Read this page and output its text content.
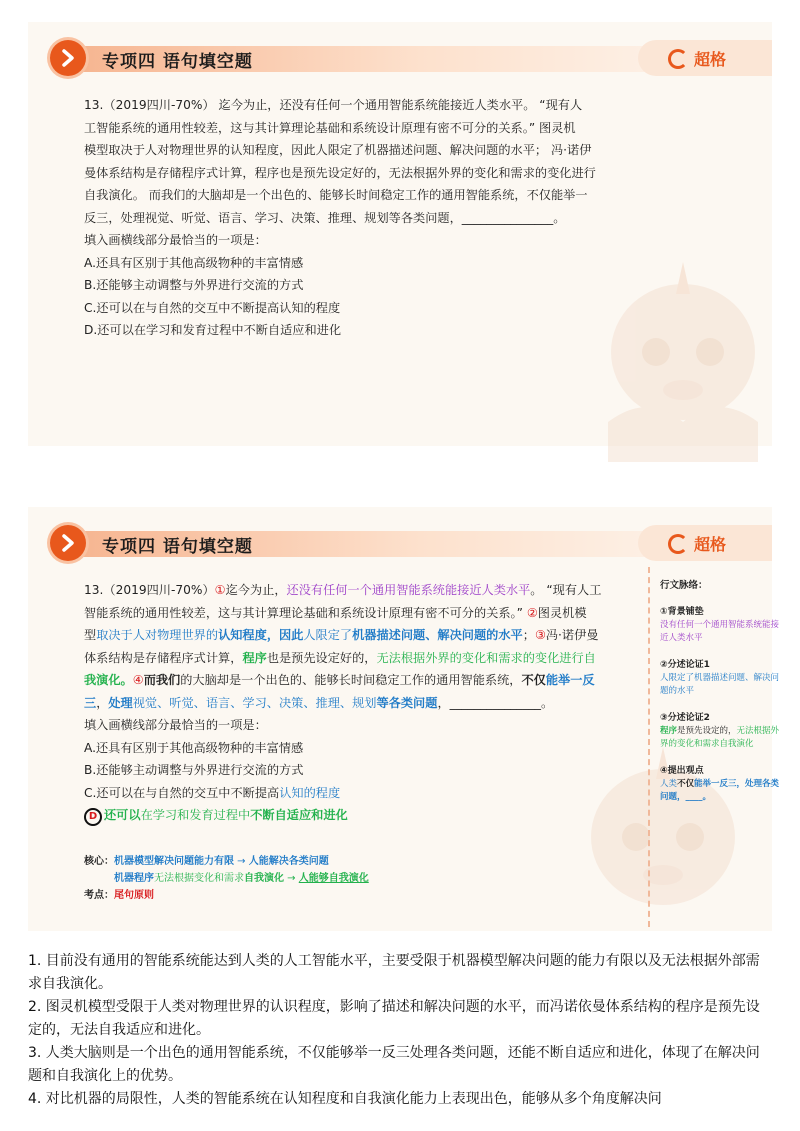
专项四 语句填空题	超格
13.（2019四川-70%） 迄今为止，还没有任何一个通用智能系统能接近人类水平。 “现有人
工智能系统的通用性较差，这与其计算理论基础和系统设计原理有密不可分的关系。” 图灵机
模型取决于人对物理世界的认知程度，因此人限定了机器描述问题、解决问题的水平； 冯·诺伊
曼体系结构是存储程序式计算，程序也是预先设定好的，无法根据外界的变化和需求的变化进行
自我演化。 而我们的大脑却是一个出色的、能够长时间稳定工作的通用智能系统，不仅能举一
反三，处理视觉、听觉、语言、学习、决策、推理、规划等各类问题，_______________。
填入画横线部分最恰当的一项是：
A.还具有区别于其他高级物种的丰富情感
B.还能够主动调整与外界进行交流的方式
C.还可以在与自然的交互中不断提高认知的程度
D.还可以在学习和发育过程中不断自适应和进化
专项四 语句填空题	超格
13.（2019四川-70%）①迄今为止，还没有任何一个通用智能系统能接近人类水平。 “现有人工
智能系统的通用性较差，这与其计算理论基础和系统设计原理有密不可分的关系。” ②图灵机模
型取决于人对物理世界的认知程度，因此人限定了机器描述问题、解决问题的水平；③冯·诺伊曼
体系结构是存储程序式计算，程序也是预先设定好的，无法根据外界的变化和需求的变化进行自
我演化。④而我们的大脑却是一个出色的、能够长时间稳定工作的通用智能系统，不仅能举一反
三，处理视觉、听觉、语言、学习、决策、推理、规划等各类问题，_______________。
填入画横线部分最恰当的一项是：
A.还具有区别于其他高级物种的丰富情感
B.还能够主动调整与外界进行交流的方式
C.还可以在与自然的交互中不断提高认知的程度
D 还可以在学习和发育过程中不断自适应和进化
核心：机器模型解决问题能力有限 → 人能解决各类问题
机器程序无法根据变化和需求自我演化 → 人能够自我演化
考点：尾句原则
行文脉络：
①背景铺垫
没有任何一个通用智能系统能接近人类水平
②分述论证1
人限定了机器描述问题、解决问题的水平
③分述论证2
程序是预先设定的，无法根据外界的变化和需求自我演化
④提出观点
人类不仅能举一反三，处理各类问题，____。

1. 目前没有通用的智能系统能达到人类的人工智能水平，主要受限于机器模型解决问题的能力有限以及无法根据外部需求自我演化。

2. 图灵机模型受限于人类对物理世界的认识程度，影响了描述和解决问题的水平，而冯诺依曼体系结构的程序是预先设定的，无法自我适应和进化。

3. 人类大脑则是一个出色的通用智能系统，不仅能够举一反三处理各类问题，还能不断自适应和进化，体现了在解决问题和自我演化上的优势。

4. 对比机器的局限性，人类的智能系统在认知程度和自我演化能力上表现出色，能够从多个角度解决问
